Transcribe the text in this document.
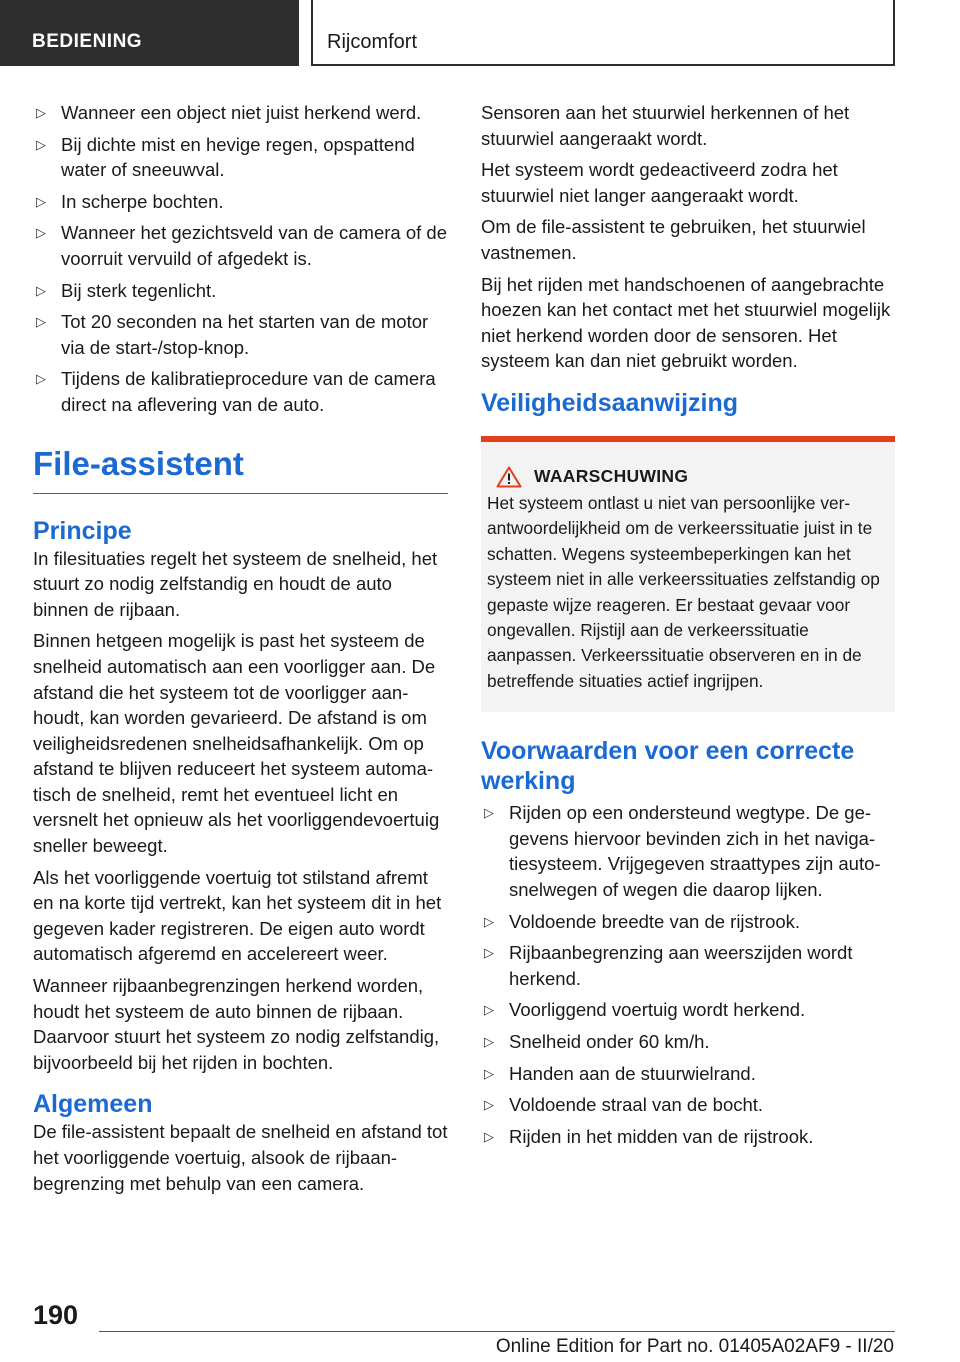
BEDIENING	Rijcomfort
▷ Wanneer een object niet juist herkend werd.
▷ Bij dichte mist en hevige regen, opspattend water of sneeuwval.
▷ In scherpe bochten.
▷ Wanneer het gezichtsveld van de camera of de voorruit vervuild of afgedekt is.
▷ Bij sterk tegenlicht.
▷ Tot 20 seconden na het starten van de motor via de start-/stop-knop.
▷ Tijdens de kalibratieprocedure van de camera direct na aflevering van de auto.
File-assistent
Principe

In filesituaties regelt het systeem de snelheid, het stuurt zo nodig zelfstandig en houdt de auto binnen de rijbaan.

Binnen hetgeen mogelijk is past het systeem de snelheid automatisch aan een voorligger aan. De afstand die het systeem tot de voorligger aanhoudt, kan worden gevarieerd. De afstand is om veiligheidsredenen snelheidsafhankelijk. Om op afstand te blijven reduceert het systeem automatisch de snelheid, remt het eventueel licht en versnelt het opnieuw als het voorliggendevoertuig sneller beweegt.

Als het voorliggende voertuig tot stilstand afremt en na korte tijd vertrekt, kan het systeem dit in het gegeven kader registreren. De eigen auto wordt automatisch afgeremd en accelereert weer.

Wanneer rijbaanbegrenzingen herkend worden, houdt het systeem de auto binnen de rijbaan. Daarvoor stuurt het systeem zo nodig zelfstandig, bijvoorbeeld bij het rijden in bochten.

Algemeen

De file-assistent bepaalt de snelheid en afstand tot het voorliggende voertuig, alsook de rijbaanbegrenzing met behulp van een camera.

Sensoren aan het stuurwiel herkennen of het stuurwiel aangeraakt wordt.

Het systeem wordt gedeactiveerd zodra het stuurwiel niet langer aangeraakt wordt.

Om de file-assistent te gebruiken, het stuurwiel vastnemen.

Bij het rijden met handschoenen of aangebrachte hoezen kan het contact met het stuurwiel mogelijk niet herkend worden door de sensoren. Het systeem kan dan niet gebruikt worden.

Veiligheidsaanwijzing
WAARSCHUWING

Het systeem ontlast u niet van persoonlijke verantwoordelijkheid om de verkeerssituatie juist in te schatten. Wegens systeembeperkingen kan het systeem niet in alle verkeerssituaties zelfstandig op gepaste wijze reageren. Er bestaat gevaar voor ongevallen. Rijstijl aan de verkeerssituatie aanpassen. Verkeerssituatie observeren en in de betreffende situaties actief ingrijpen.

Voorwaarden voor een correcte werking
▷ Rijden op een ondersteund wegtype. De gegevens hiervoor bevinden zich in het navigatiesysteem. Vrijgegeven straattypes zijn autosnelwegen of wegen die daarop lijken.
▷ Voldoende breedte van de rijstrook.
▷ Rijbaanbegrenzing aan weerszijden wordt herkend.
▷ Voorliggend voertuig wordt herkend.
▷ Snelheid onder 60 km/h.
▷ Handen aan de stuurwielrand.
▷ Voldoende straal van de bocht.
▷ Rijden in het midden van de rijstrook.
190
Online Edition for Part no. 01405A02AF9 - II/20
